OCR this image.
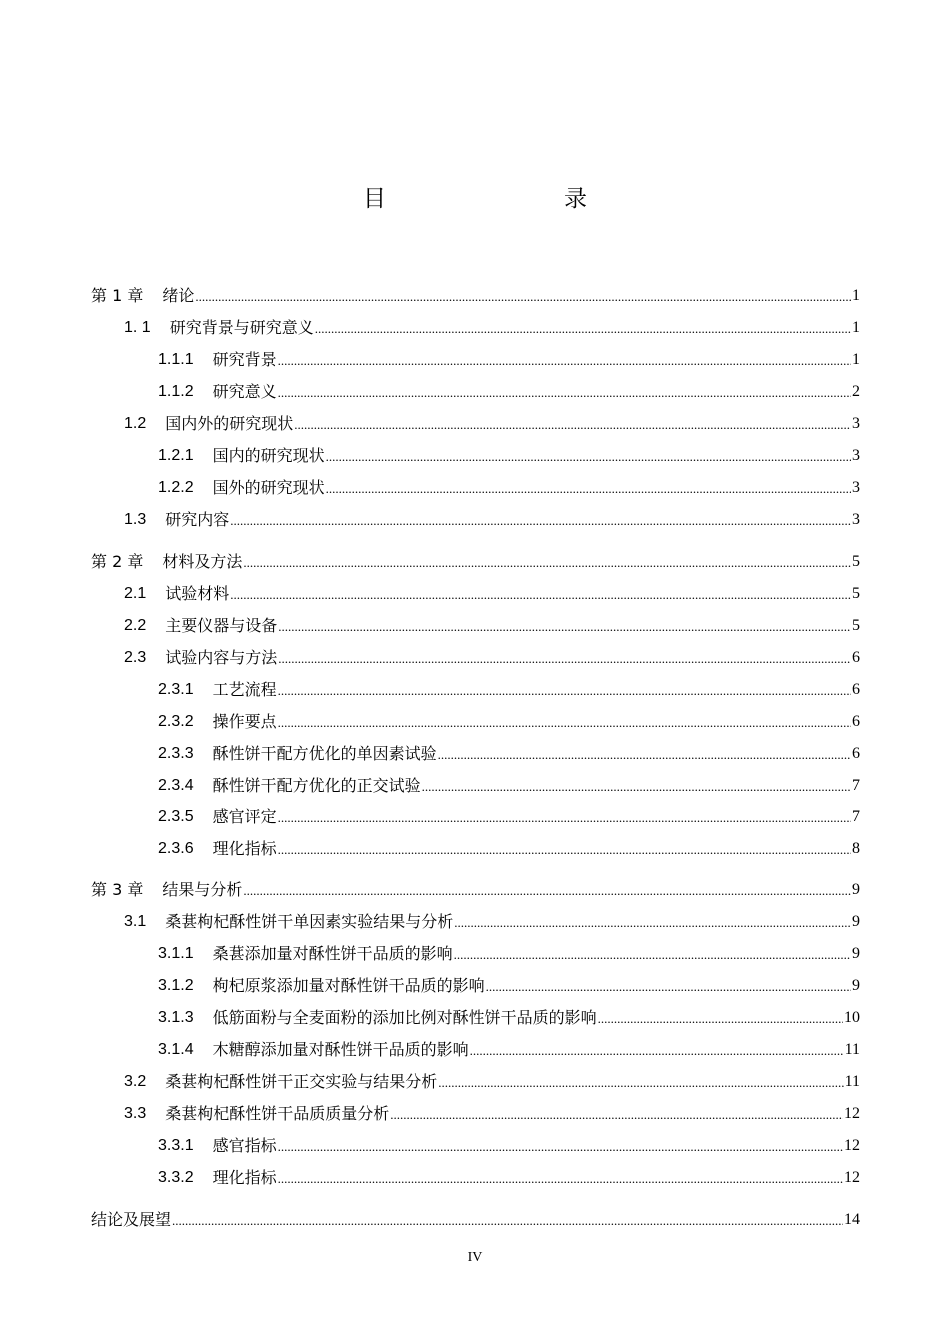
目　　录
第 1 章 绪论 .....	1
1. 1 研究背景与研究意义 .....	1
1.1.1 研究背景 .....	1
1.1.2 研究意义 .....	2
1.2 国内外的研究现状 .....	3
1.2.1 国内的研究现状 .....	3
1.2.2 国外的研究现状 .....	3
1.3 研究内容 .....	3
第 2 章 材料及方法 .....	5
2.1 试验材料 .....	5
2.2 主要仪器与设备 .....	5
2.3 试验内容与方法 .....	6
2.3.1 工艺流程 .....	6
2.3.2 操作要点 .....	6
2.3.3 酥性饼干配方优化的单因素试验 .....	6
2.3.4 酥性饼干配方优化的正交试验 .....	7
2.3.5 感官评定 .....	7
2.3.6 理化指标 .....	8
第 3 章 结果与分析 .....	9
3.1 桑葚枸杞酥性饼干单因素实验结果与分析 .....	9
3.1.1 桑葚添加量对酥性饼干品质的影响 .....	9
3.1.2 枸杞原浆添加量对酥性饼干品质的影响 .....	9
3.1.3 低筋面粉与全麦面粉的添加比例对酥性饼干品质的影响 .....	10
3.1.4 木糖醇添加量对酥性饼干品质的影响 .....	11
3.2 桑葚枸杞酥性饼干正交实验与结果分析 .....	11
3.3 桑葚枸杞酥性饼干品质质量分析 .....	12
3.3.1 感官指标 .....	12
3.3.2 理化指标 .....	12
结论及展望 .....	14
IV
